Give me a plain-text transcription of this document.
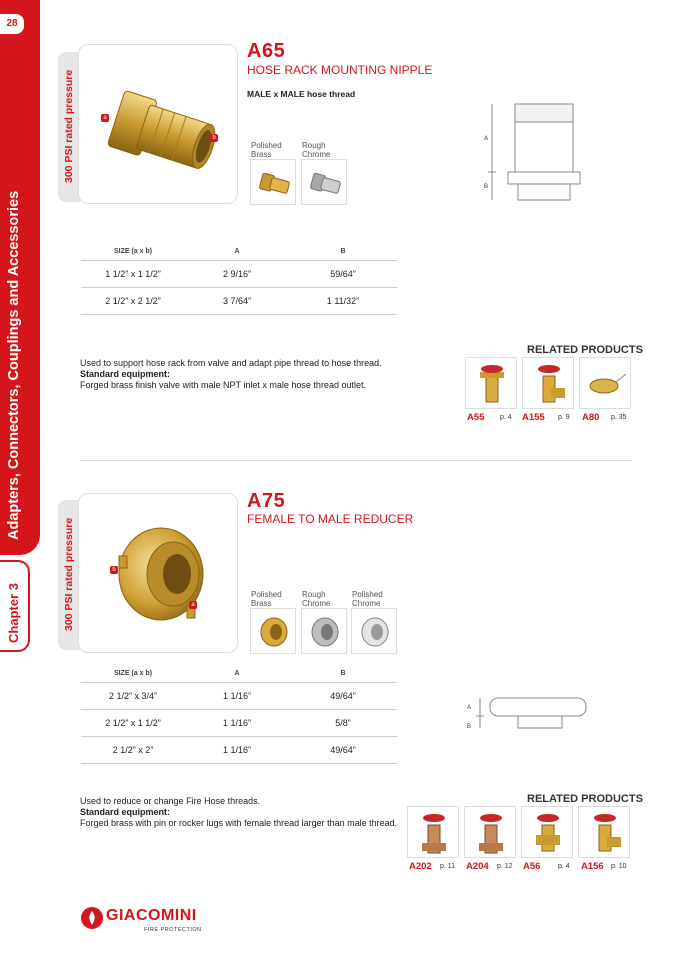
28
Adapters, Connectors, Couplings and Accessories
Chapter 3
300 PSI rated pressure	a
b
A65
HOSE RACK MOUNTING NIPPLE
MALE x MALE hose thread
Polished Brass
Rough Chrome
A
B
SIZE (a x b)	A	B
1 1/2” x 1 1/2”	2 9/16”	59/64”
2 1/2” x 2 1/2”	3 7/64”	1 11/32”
Used to support hose rack from valve and adapt pipe thread to hose thread.
Standard equipment:
Forged brass finish valve with male NPT inlet x male hose thread outlet.
RELATED PRODUCTS
A55 p. 4 A155 p. 9 A80 p. 35
300 PSI rated pressure	b
a
A75
FEMALE TO MALE REDUCER
Polished Brass
Rough Chrome
Polished Chrome
A
B
SIZE (a x b)	A	B
2 1/2” x 3/4”	1 1/16”	49/64”
2 1/2” x 1 1/2”	1 1/16”	5/8”
2 1/2” x 2”	1 1/16”	49/64”
Used to reduce or change Fire Hose threads.
Standard equipment:
Forged brass with pin or rocker lugs with female thread larger than male thread.
RELATED PRODUCTS
A202 p. 11 A204 p. 12 A56	p. 4 A156 p. 10
GIACOMINI
FIRE PROTECTION
